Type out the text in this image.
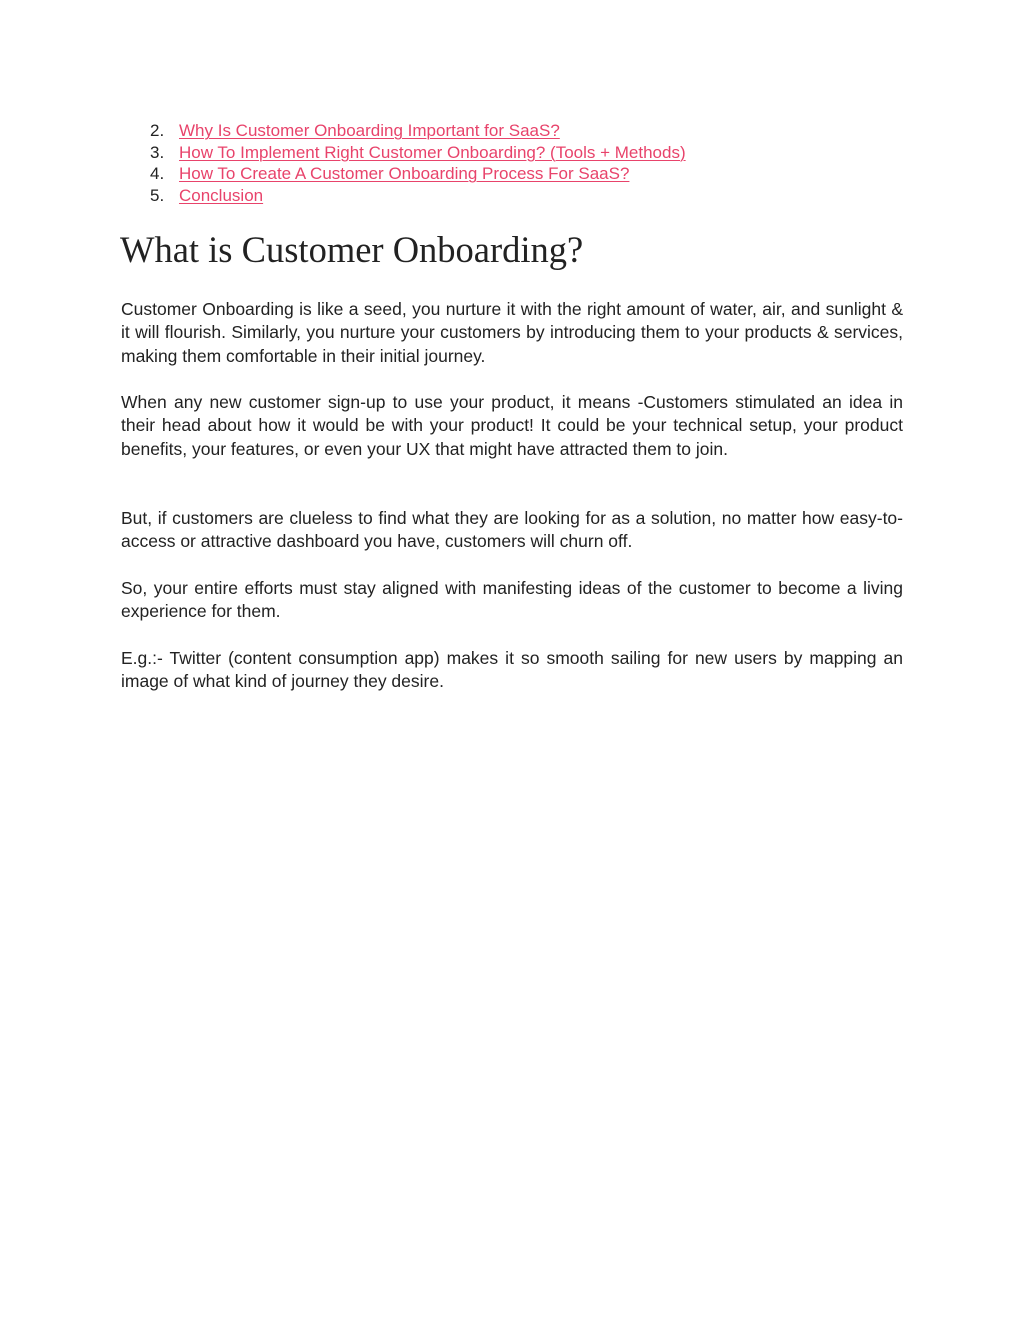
2. Why Is Customer Onboarding Important for SaaS?
3. How To Implement Right Customer Onboarding? (Tools + Methods)
4. How To Create A Customer Onboarding Process For SaaS?
5. Conclusion
What is Customer Onboarding?

Customer Onboarding is like a seed, you nurture it with the right amount of water, air, and sunlight & it will flourish. Similarly, you nurture your customers by introducing them to your products & services, making them comfortable in their initial journey.

When any new customer sign-up to use your product, it means -Customers stimulated an idea in their head about how it would be with your product! It could be your technical setup, your product benefits, your features, or even your UX that might have attracted them to join.

But, if customers are clueless to find what they are looking for as a solution, no matter how easy-to-access or attractive dashboard you have, customers will churn off.

So, your entire efforts must stay aligned with manifesting ideas of the customer to become a living experience for them.

E.g.:- Twitter (content consumption app) makes it so smooth sailing for new users by mapping an image of what kind of journey they desire.
